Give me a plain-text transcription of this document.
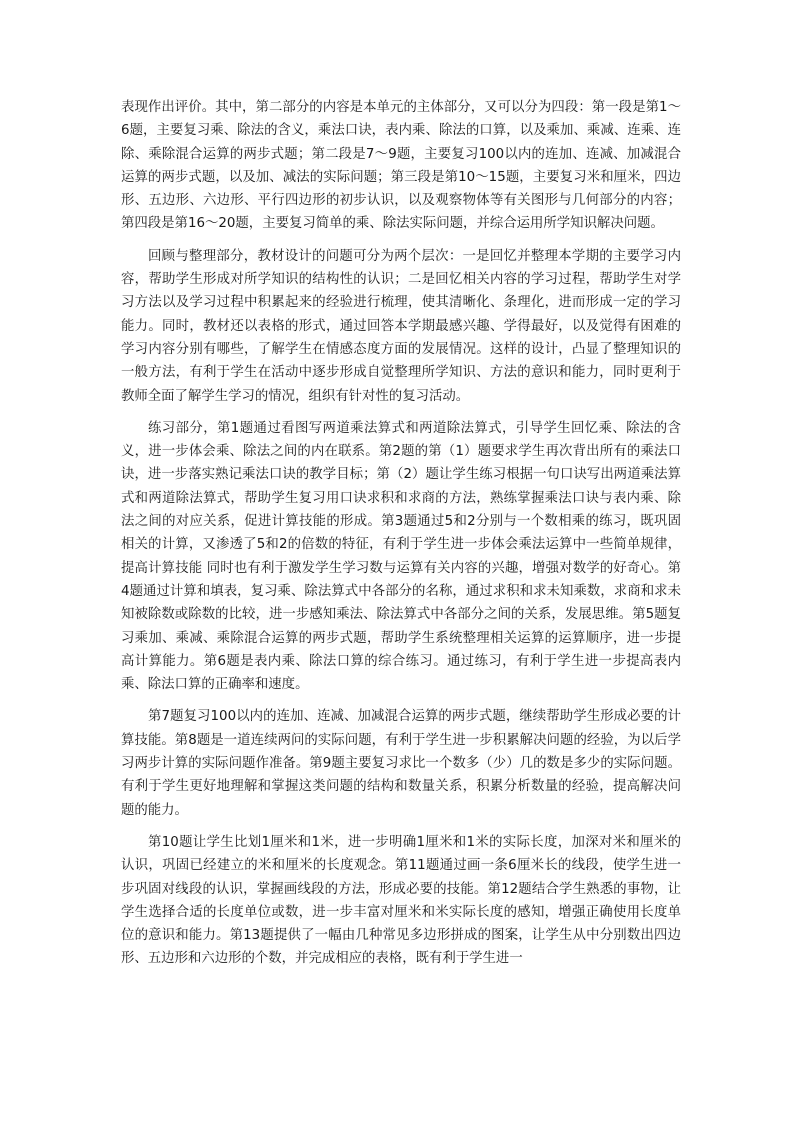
表现作出评价。其中，第二部分的内容是本单元的主体部分，又可以分为四段：第一段是第1～6题，主要复习乘、除法的含义，乘法口诀，表内乘、除法的口算，以及乘加、乘减、连乘、连除、乘除混合运算的两步式题；第二段是7～9题，主要复习100以内的连加、连减、加减混合运算的两步式题，以及加、减法的实际问题；第三段是第10～15题，主要复习米和厘米，四边形、五边形、六边形、平行四边形的初步认识，以及观察物体等有关图形与几何部分的内容；第四段是第16～20题，主要复习简单的乘、除法实际问题，并综合运用所学知识解决问题。

回顾与整理部分，教材设计的问题可分为两个层次：一是回忆并整理本学期的主要学习内容，帮助学生形成对所学知识的结构性的认识；二是回忆相关内容的学习过程，帮助学生对学习方法以及学习过程中积累起来的经验进行梳理，使其清晰化、条理化，进而形成一定的学习能力。同时，教材还以表格的形式，通过回答本学期最感兴趣、学得最好，以及觉得有困难的学习内容分别有哪些，了解学生在情感态度方面的发展情况。这样的设计，凸显了整理知识的一般方法，有利于学生在活动中逐步形成自觉整理所学知识、方法的意识和能力，同时更利于教师全面了解学生学习的情况，组织有针对性的复习活动。

练习部分，第1题通过看图写两道乘法算式和两道除法算式，引导学生回忆乘、除法的含义，进一步体会乘、除法之间的内在联系。第2题的第（1）题要求学生再次背出所有的乘法口诀，进一步落实熟记乘法口诀的教学目标；第（2）题让学生练习根据一句口诀写出两道乘法算式和两道除法算式，帮助学生复习用口诀求积和求商的方法，熟练掌握乘法口诀与表内乘、除法之间的对应关系，促进计算技能的形成。第3题通过5和2分别与一个数相乘的练习，既巩固相关的计算，又渗透了5和2的倍数的特征，有利于学生进一步体会乘法运算中一些简单规律，提高计算技能 同时也有利于激发学生学习数与运算有关内容的兴趣，增强对数学的好奇心。第4题通过计算和填表，复习乘、除法算式中各部分的名称，通过求积和求未知乘数，求商和求未知被除数或除数的比较，进一步感知乘法、除法算式中各部分之间的关系，发展思维。第5题复习乘加、乘减、乘除混合运算的两步式题，帮助学生系统整理相关运算的运算顺序，进一步提高计算能力。第6题是表内乘、除法口算的综合练习。通过练习，有利于学生进一步提高表内乘、除法口算的正确率和速度。

第7题复习100以内的连加、连减、加减混合运算的两步式题，继续帮助学生形成必要的计算技能。第8题是一道连续两问的实际问题，有利于学生进一步积累解决问题的经验，为以后学习两步计算的实际问题作准备。第9题主要复习求比一个数多（少）几的数是多少的实际问题。有利于学生更好地理解和掌握这类问题的结构和数量关系，积累分析数量的经验，提高解决问题的能力。

第10题让学生比划1厘米和1米，进一步明确1厘米和1米的实际长度，加深对米和厘米的认识，巩固已经建立的米和厘米的长度观念。第11题通过画一条6厘米长的线段，使学生进一步巩固对线段的认识，掌握画线段的方法，形成必要的技能。第12题结合学生熟悉的事物，让学生选择合适的长度单位或数，进一步丰富对厘米和米实际长度的感知，增强正确使用长度单位的意识和能力。第13题提供了一幅由几种常见多边形拼成的图案，让学生从中分别数出四边形、五边形和六边形的个数，并完成相应的表格，既有利于学生进一
